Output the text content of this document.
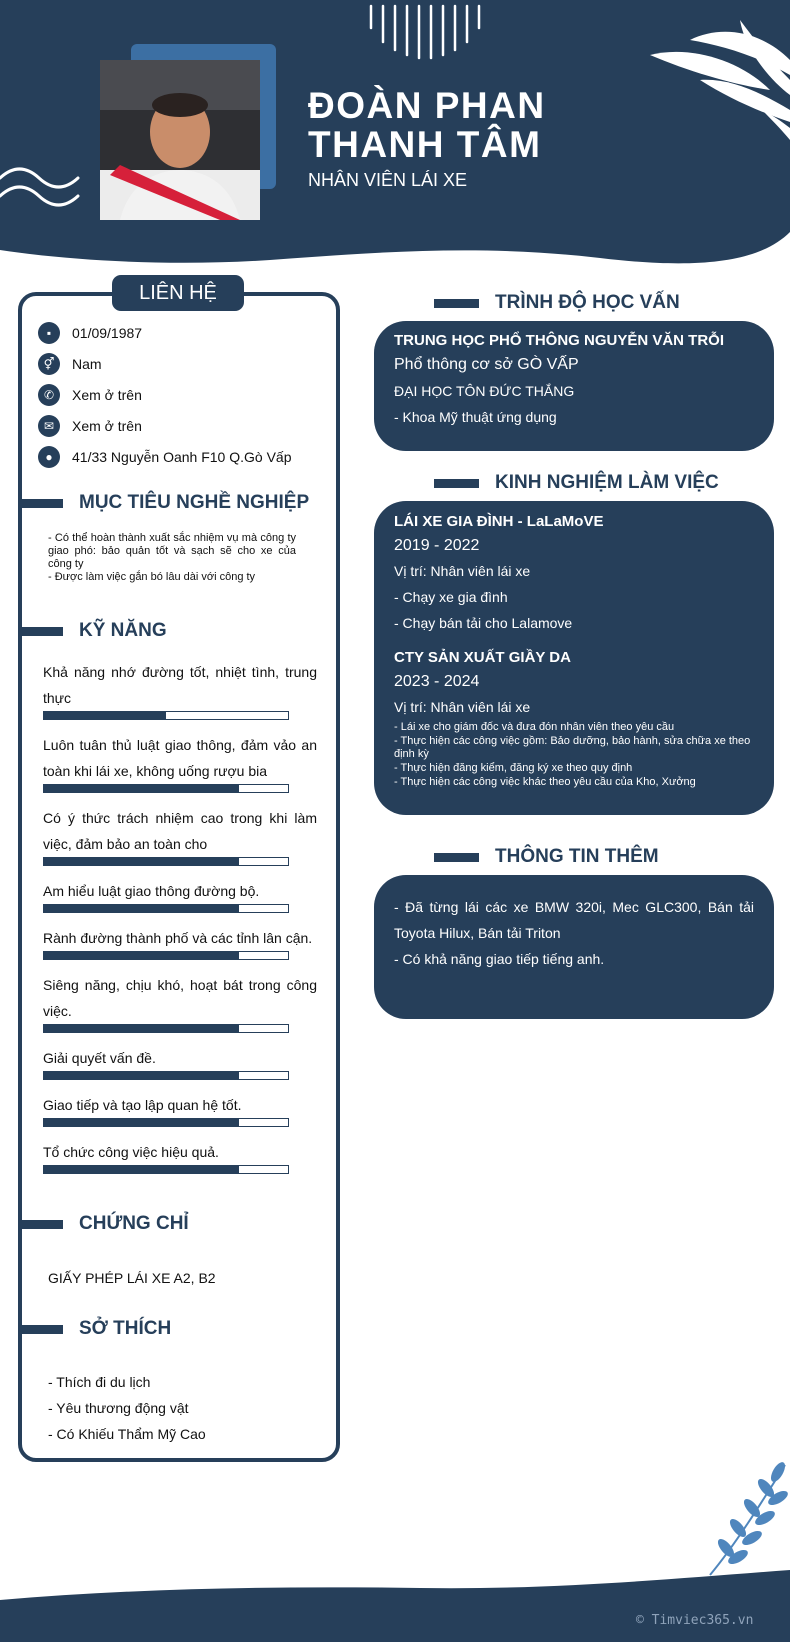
ĐOÀN PHAN
THANH TÂM
NHÂN VIÊN LÁI XE
LIÊN HỆ
▪	01/09/1987
⚥	Nam
✆	Xem ở trên
✉	Xem ở trên
●	41/33 Nguyễn Oanh F10 Q.Gò Vấp
MỤC TIÊU NGHỀ NGHIỆP
- Có thể hoàn thành xuất sắc nhiệm vụ mà công ty giao phó: bảo quản tốt và sạch sẽ cho xe của công ty
- Được làm việc gắn bó lâu dài với công ty
KỸ NĂNG
Khả năng nhớ đường tốt, nhiệt tình, trung thực
Luôn tuân thủ luật giao thông, đảm vảo an toàn khi lái xe, không uống rượu bia
Có ý thức trách nhiệm cao trong khi làm việc, đảm bảo an toàn cho
Am hiểu luật giao thông đường bộ.
Rành đường thành phố và các tỉnh lân cận.
Siêng năng, chịu khó, hoạt bát trong công việc.
Giải quyết vấn đề.
Giao tiếp và tạo lập quan hệ tốt.
Tổ chức công việc hiệu quả.
CHỨNG CHỈ
GIẤY PHÉP LÁI XE A2, B2
SỞ THÍCH
- Thích đi du lịch
- Yêu thương động vật
- Có Khiếu Thẩm Mỹ Cao
TRÌNH ĐỘ HỌC VẤN
TRUNG HỌC PHỔ THÔNG NGUYỄN VĂN TRỖI
Phổ thông cơ sở GÒ VẤP
ĐẠI HỌC TÔN ĐỨC THẮNG
- Khoa Mỹ thuật ứng dụng
KINH NGHIỆM LÀM VIỆC
LÁI XE GIA ĐÌNH - LaLaMoVE
2019 - 2022
Vị trí: Nhân viên lái xe
- Chạy xe gia đình
- Chạy bán tải cho Lalamove
CTY SẢN XUẤT GIẦY DA
2023 - 2024
Vị trí: Nhân viên lái xe
- Lái xe cho giám đốc và đưa đón nhân viên theo yêu cầu
- Thực hiện các công việc gồm: Bảo dưỡng, bảo hành, sửa chữa xe theo định kỳ
- Thực hiện đăng kiểm, đăng ký xe theo quy định
- Thực hiện các công việc khác theo yêu cầu của Kho, Xưởng
THÔNG TIN THÊM
- Đã từng lái các xe BMW 320i, Mec GLC300, Bán tải Toyota Hilux, Bán tải Triton
- Có khả năng giao tiếp tiếng anh.
© Timviec365.vn
